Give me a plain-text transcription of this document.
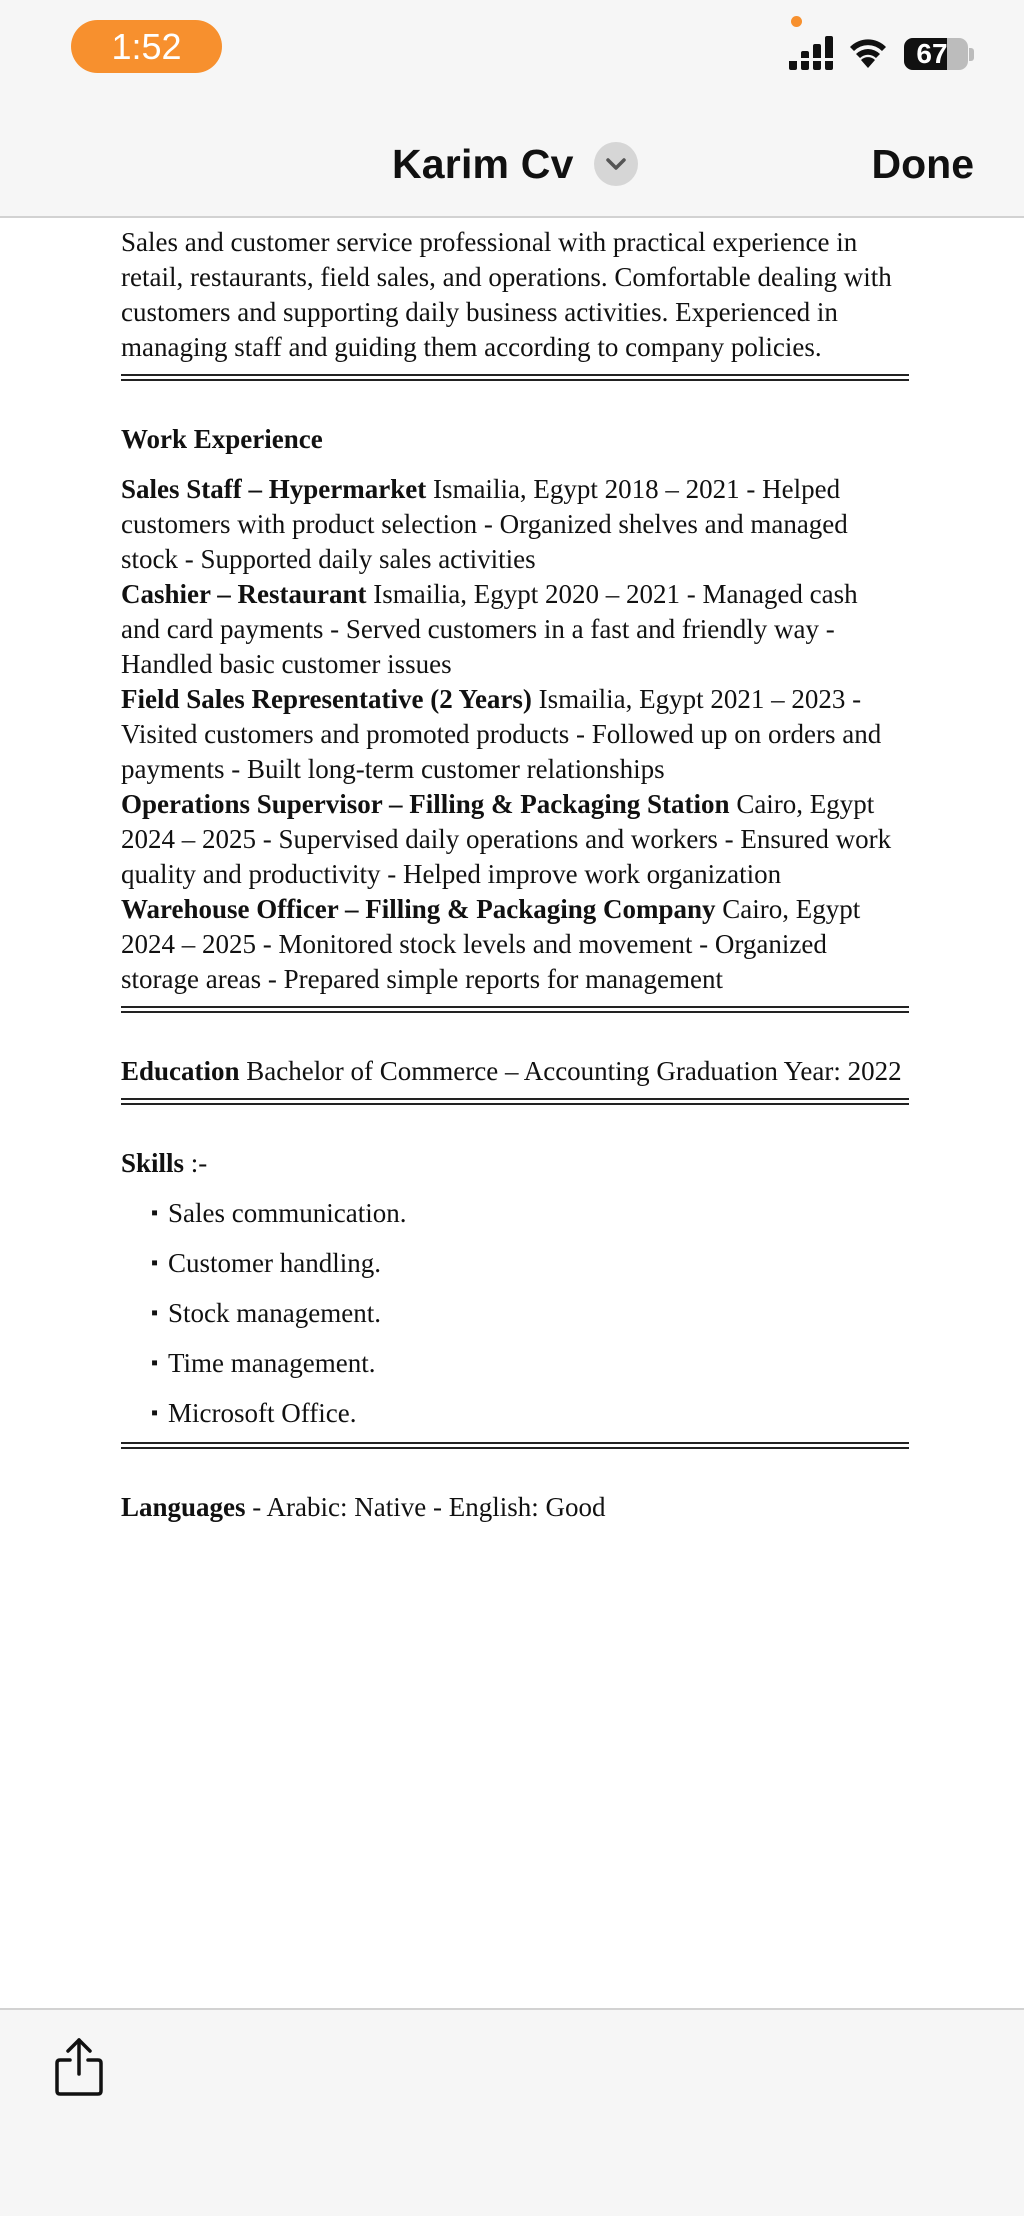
Sales and customer service professional with practical experience in retail, restaurants, field sales, and operations. Comfortable dealing with customers and supporting daily business activities. Experienced in managing staff and guiding them according to company policies.

Work Experience

Sales Staff – Hypermarket Ismailia, Egypt 2018 – 2021 - Helped customers with product selection - Organized shelves and managed stock - Supported daily sales activities

Cashier – Restaurant Ismailia, Egypt 2020 – 2021 - Managed cash and card payments - Served customers in a fast and friendly way - Handled basic customer issues

Field Sales Representative (2 Years) Ismailia, Egypt 2021 – 2023 - Visited customers and promoted products - Followed up on orders and payments - Built long-term customer relationships

Operations Supervisor – Filling & Packaging Station Cairo, Egypt 2024 – 2025 - Supervised daily operations and workers - Ensured work quality and productivity - Helped improve work organization

Warehouse Officer – Filling & Packaging Company Cairo, Egypt 2024 – 2025 - Monitored stock levels and movement - Organized storage areas - Prepared simple reports for management

Education Bachelor of Commerce – Accounting Graduation Year: 2022

Skills :-

▪ Sales communication.
▪ Customer handling.
▪ Stock management.
▪ Time management.
▪ Microsoft Office.

Languages - Arabic: Native - English: Good

1:52	67
Karim Cv	Done
